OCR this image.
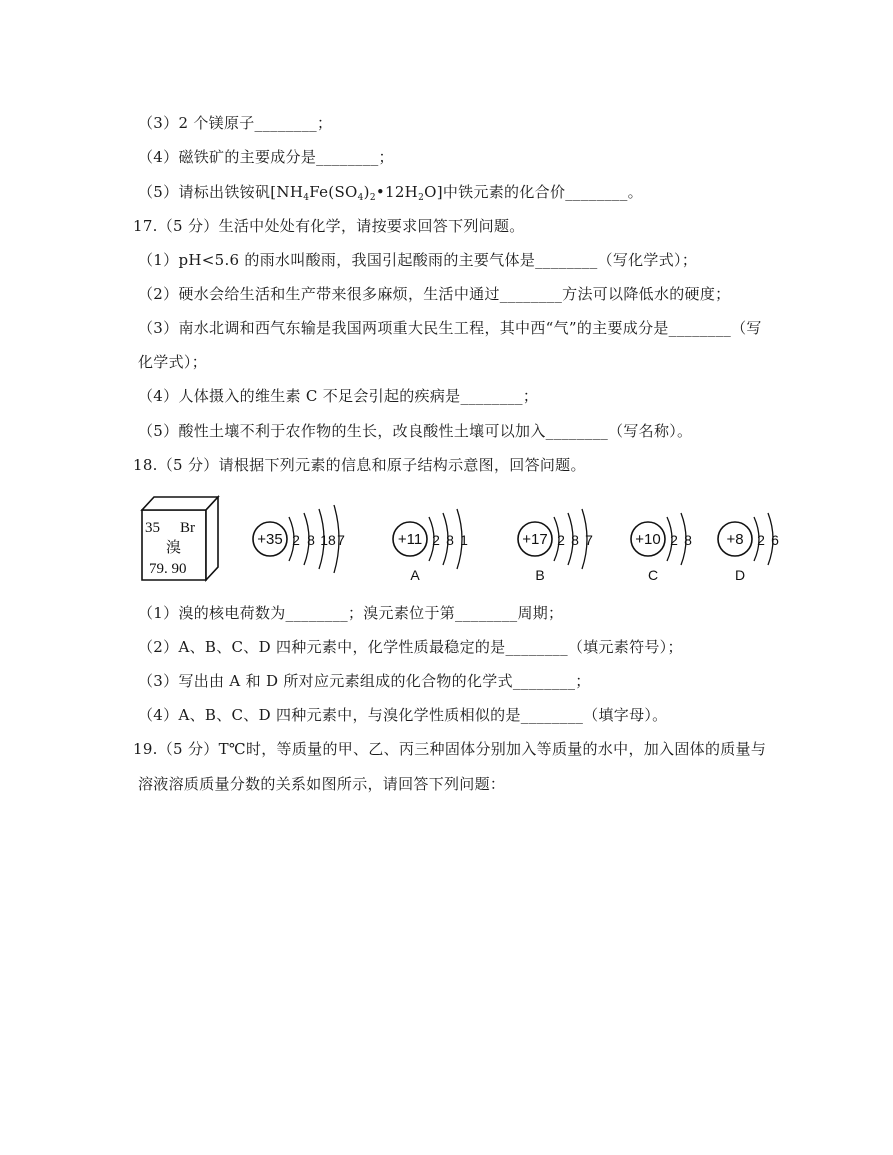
（3）2 个镁原子________；
（4）磁铁矿的主要成分是________；
（5）请标出铁铵矾$[NH_4Fe(SO_4)_2•12H_2O]$中铁元素的化合价________。
17.（5 分）生活中处处有化学，请按要求回答下列问题。
（1）pH<5.6 的雨水叫酸雨，我国引起酸雨的主要气体是________（写化学式）；
（2）硬水会给生活和生产带来很多麻烦，生活中通过________方法可以降低水的硬度；
（3）南水北调和西气东输是我国两项重大民生工程，其中西“气”的主要成分是________（写
化学式）；
（4）人体摄入的维生素 C 不足会引起的疾病是________；
（5）酸性土壤不利于农作物的生长，改良酸性土壤可以加入________（写名称）。
18.（5 分）请根据下列元素的信息和原子结构示意图，回答问题。
35 Br
溴
79. 90
+35 2 8 18 7	+11 2 8 1
A
+17 2 8 7
B
+10 2 8
C
+8 2 6
D
（1）溴的核电荷数为________；溴元素位于第________周期；
（2）A、B、C、D 四种元素中，化学性质最稳定的是________（填元素符号）；
（3）写出由 A 和 D 所对应元素组成的化合物的化学式________；
（4）A、B、C、D 四种元素中，与溴化学性质相似的是________（填字母）。
19.（5 分）T℃时，等质量的甲、乙、丙三种固体分别加入等质量的水中，加入固体的质量与
溶液溶质质量分数的关系如图所示，请回答下列问题：
